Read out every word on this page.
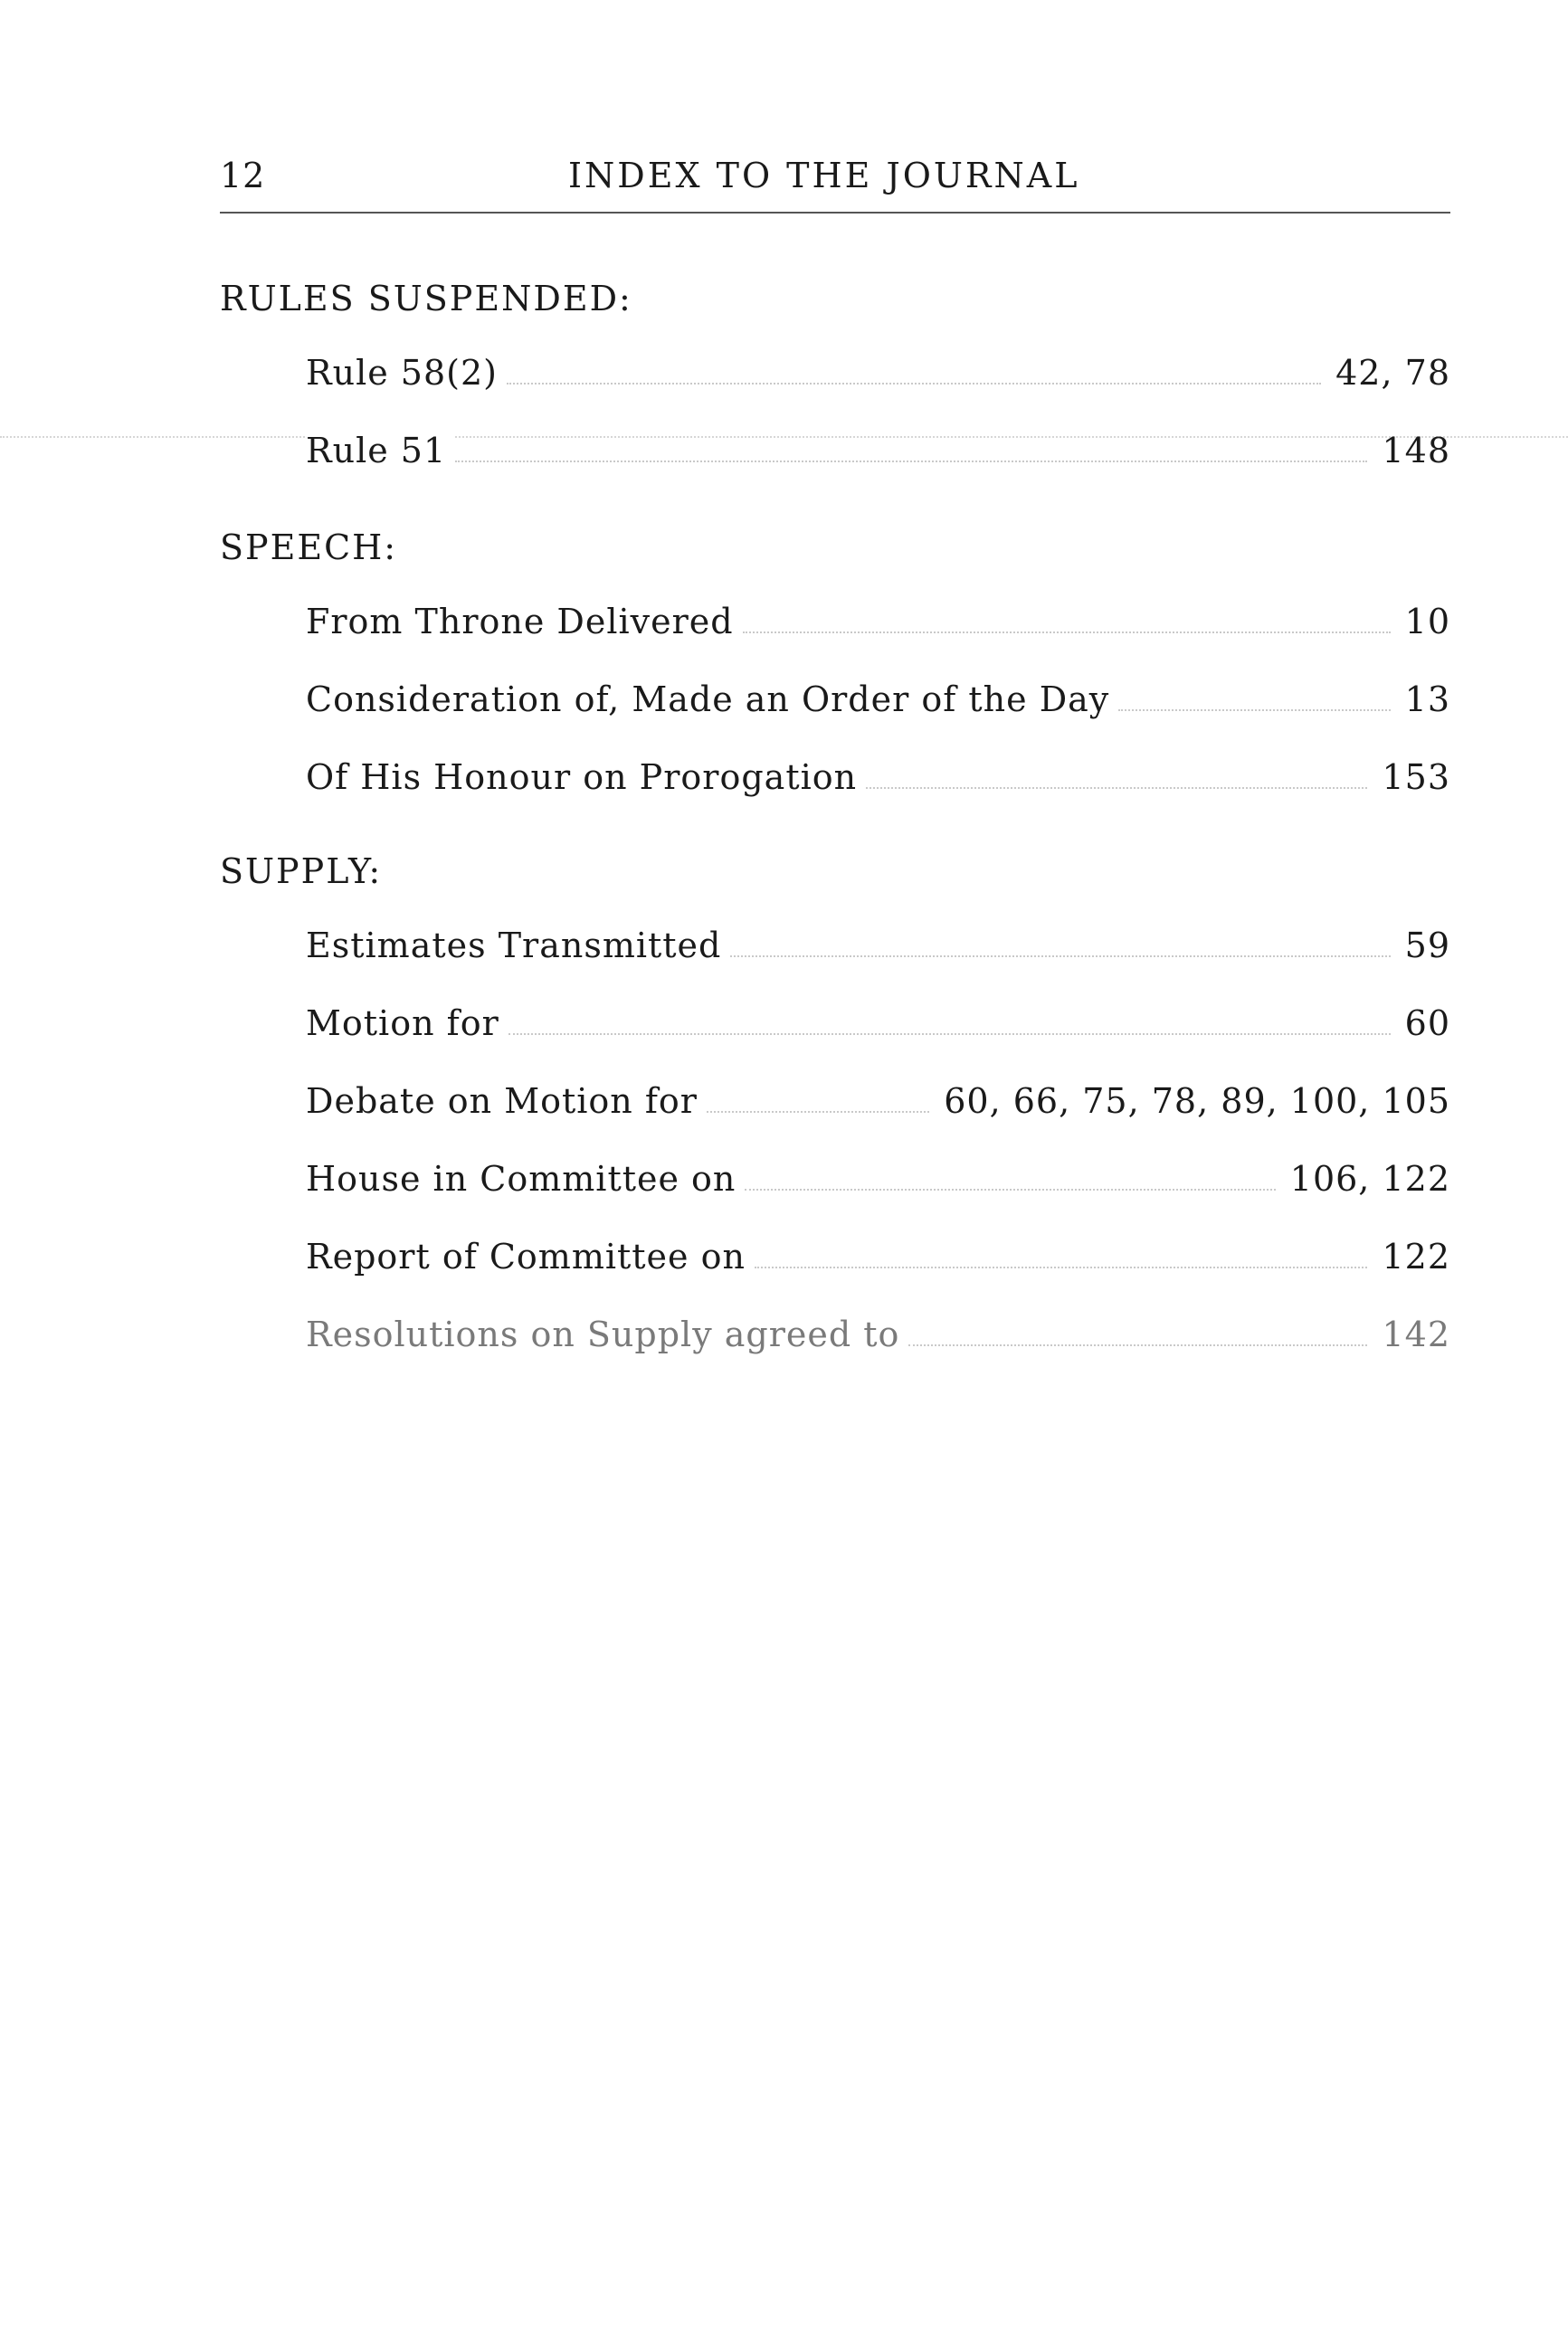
12	INDEX TO THE JOURNAL
RULES SUSPENDED:
Rule 58(2)	42, 78
Rule 51	148
SPEECH:
From Throne Delivered	10
Consideration of, Made an Order of the Day	13
Of His Honour on Prorogation	153
SUPPLY:
Estimates Transmitted	59
Motion for	60
Debate on Motion for	60, 66, 75, 78, 89, 100, 105
House in Committee on	106, 122
Report of Committee on	122
Resolutions on Supply agreed to	142
